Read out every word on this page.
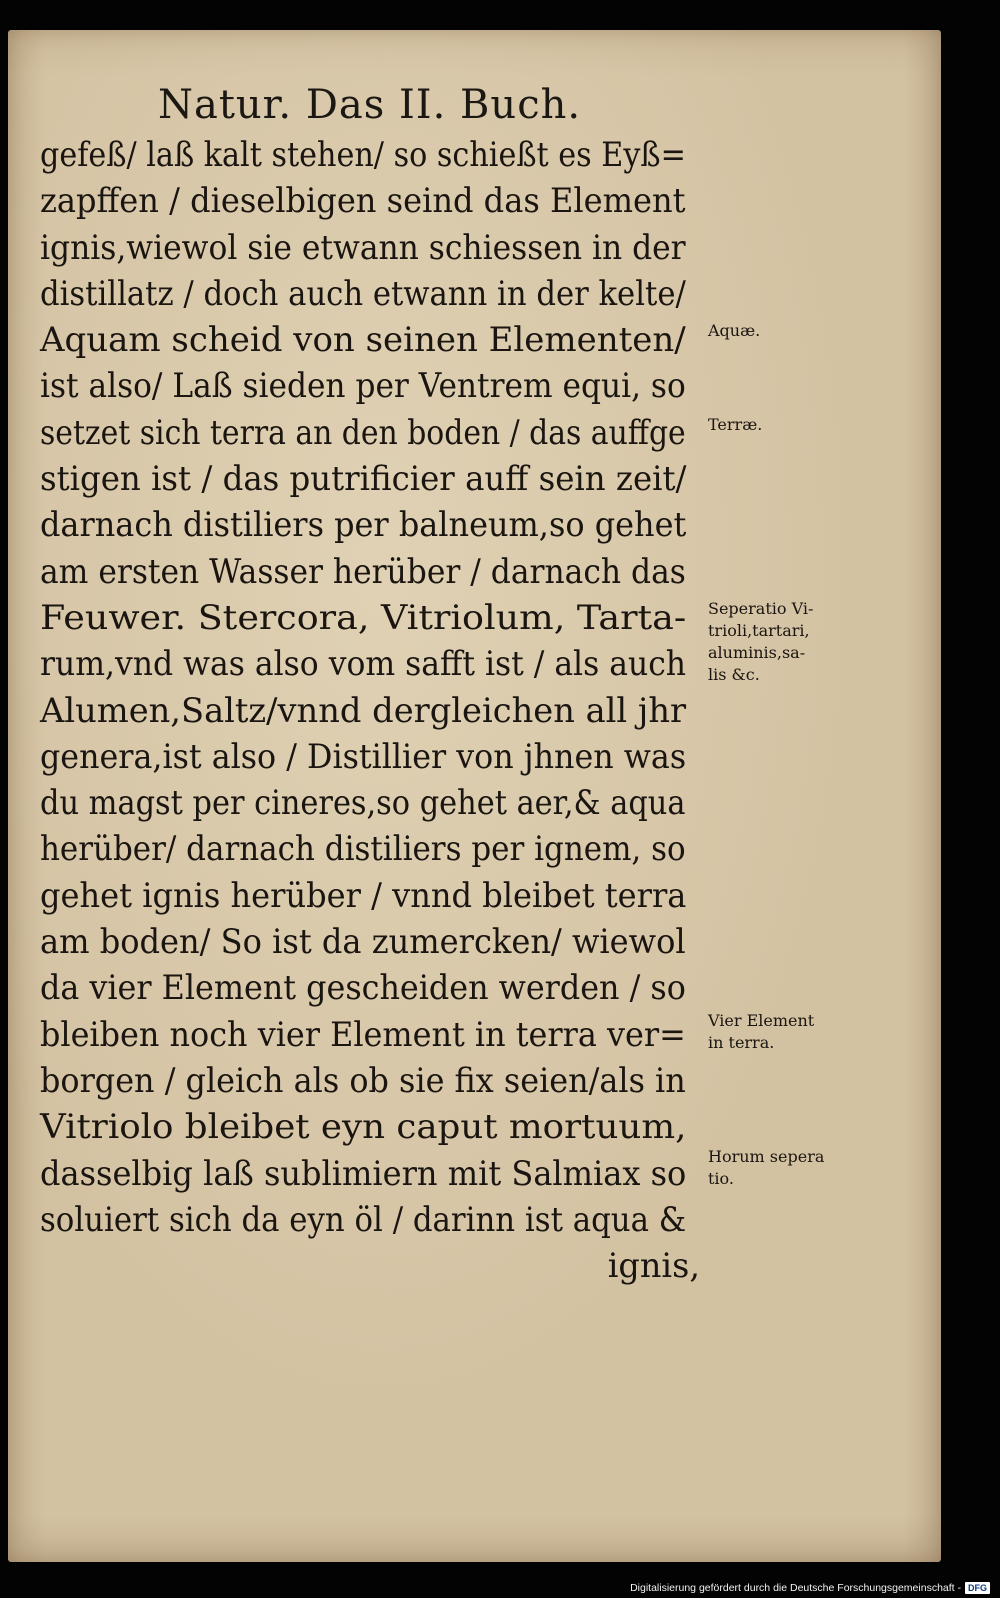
Natur. Das II. Buch.
gefeß/ laß kalt stehen/ so schießt es Eyß=
zapffen / dieselbigen seind das Element
ignis,wiewol sie etwann schiessen in der
distillatz / doch auch etwann in der kelte/
Aquam scheid von seinen Elementen/
ist also/ Laß sieden per Ventrem equi, so
setzet sich terra an den boden / das auffge
stigen ist / das putrificier auff sein zeit/
darnach distiliers per balneum,so gehet
am ersten Wasser herüber / darnach das
Feuwer. Stercora, Vitriolum, Tarta-
rum,vnd was also vom safft ist / als auch
Alumen,Saltz/vnnd dergleichen all jhr
genera,ist also / Distillier von jhnen was
du magst per cineres,so gehet aer,& aqua
herüber/ darnach distiliers per ignem, so
gehet ignis herüber / vnnd bleibet terra
am boden/ So ist da zumercken/ wiewol
da vier Element gescheiden werden / so
bleiben noch vier Element in terra ver=
borgen / gleich als ob sie fix seien/als in
Vitriolo bleibet eyn caput mortuum,
dasselbig laß sublimiern mit Salmiax so
soluiert sich da eyn öl / darinn ist aqua &
ignis,
Aquæ.
Terræ.
Seperatio Vi-
trioli,tartari,
aluminis,sa-
lis &c.
Vier Element
in terra.
Horum sepera
tio.
Digitalisierung gefördert durch die Deutsche Forschungsgemeinschaft - DFG
